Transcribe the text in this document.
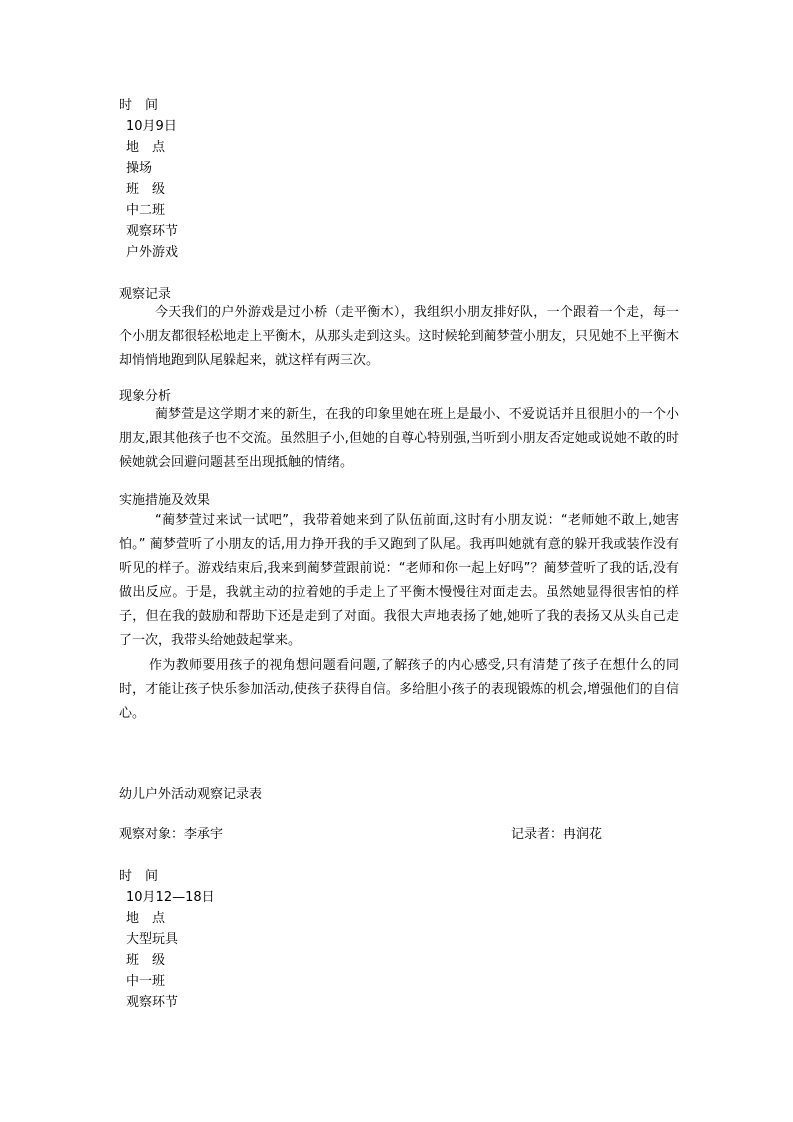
时　间
10月9日
地　点
操场
班　级
中二班
观察环节
户外游戏
观察记录

今天我们的户外游戏是过小桥（走平衡木），我组织小朋友排好队，一个跟着一个走，每一个小朋友都很轻松地走上平衡木，从那头走到这头。这时候轮到蔺梦萱小朋友，只见她不上平衡木却悄悄地跑到队尾躲起来，就这样有两三次。

现象分析

蔺梦萱是这学期才来的新生，在我的印象里她在班上是最小、不爱说话并且很胆小的一个小朋友,跟其他孩子也不交流。虽然胆子小,但她的自尊心特别强,当听到小朋友否定她或说她不敢的时候她就会回避问题甚至出现抵触的情绪。

实施措施及效果

“蔺梦萱过来试一试吧”，我带着她来到了队伍前面,这时有小朋友说：“老师她不敢上,她害怕。” 蔺梦萱听了小朋友的话,用力挣开我的手又跑到了队尾。我再叫她就有意的躲开我或装作没有听见的样子。游戏结束后,我来到蔺梦萱跟前说：“老师和你一起上好吗”？蔺梦萱听了我的话,没有做出反应。于是，我就主动的拉着她的手走上了平衡木慢慢往对面走去。虽然她显得很害怕的样子，但在我的鼓励和帮助下还是走到了对面。我很大声地表扬了她,她听了我的表扬又从头自己走了一次，我带头给她鼓起掌来。

作为教师要用孩子的视角想问题看问题,了解孩子的内心感受,只有清楚了孩子在想什么的同时，才能让孩子快乐参加活动,使孩子获得自信。多给胆小孩子的表现锻炼的机会,增强他们的自信心。

幼儿户外活动观察记录表
观察对象：李承宇	记录者：冉润花
时　间
10月12—18日
地　点
大型玩具
班　级
中一班
观察环节
